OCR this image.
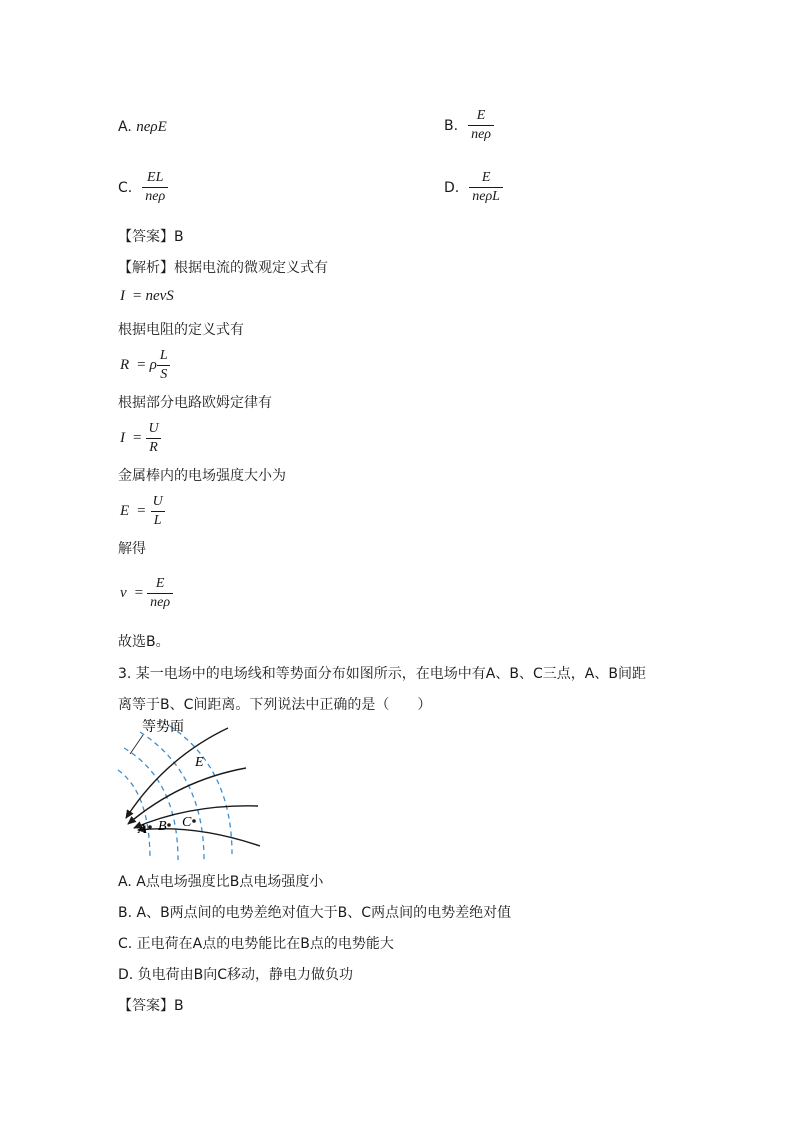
A. neρE	B. $\frac{E}{\text{neρ}}$
C. $\frac{EL}{\text{neρ}}$	D. $\frac{E}{\text{neρL}}$
【答案】B
【解析】根据电流的微观定义式有
I = nevS
根据电阻的定义式有
R = ρ $\frac{L}{S}$
根据部分电路欧姆定律有
$I = \frac{U}{R}$
金属棒内的电场强度大小为
$E = \frac{U}{L}$
解得
$v = \frac{E}{\text{neρ}}$
故选B。
3. 某一电场中的电场线和等势面分布如图所示，在电场中有A、B、C三点，A、B间距
离等于B、C间距离。下列说法中正确的是（　　）
等势面
E
A B C
A. A点电场强度比B点电场强度小
B. A、B两点间的电势差绝对值大于B、C两点间的电势差绝对值
C. 正电荷在A点的电势能比在B点的电势能大
D. 负电荷由B向C移动，静电力做负功
【答案】B
